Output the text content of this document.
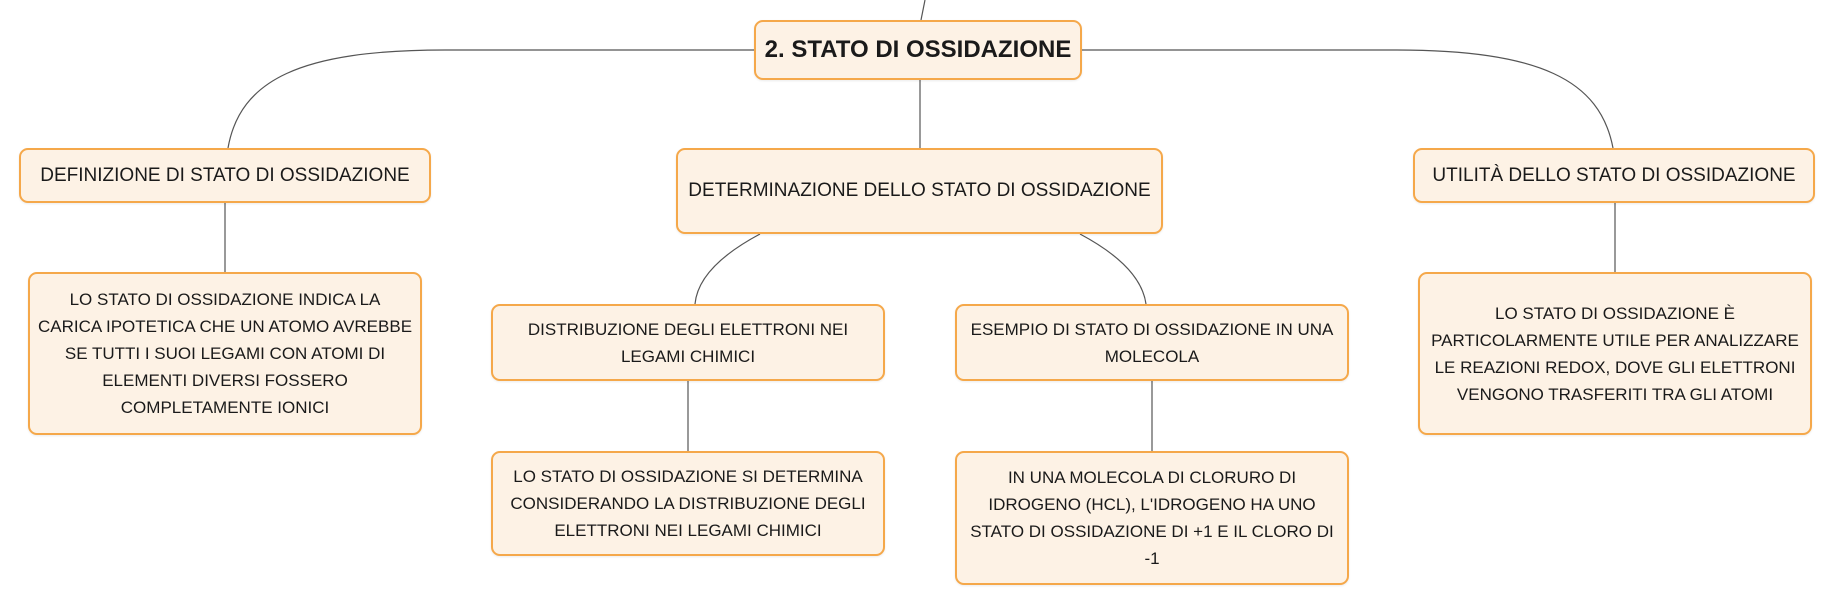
2. STATO DI OSSIDAZIONE
DEFINIZIONE DI STATO DI OSSIDAZIONE
DETERMINAZIONE DELLO STATO DI OSSIDAZIONE
UTILITÀ DELLO STATO DI OSSIDAZIONE
LO STATO DI OSSIDAZIONE INDICA LA CARICA IPOTETICA CHE UN ATOMO AVREBBE SE TUTTI I SUOI LEGAMI CON ATOMI DI ELEMENTI DIVERSI FOSSERO COMPLETAMENTE IONICI
DISTRIBUZIONE DEGLI ELETTRONI NEI LEGAMI CHIMICI
ESEMPIO DI STATO DI OSSIDAZIONE IN UNA MOLECOLA
LO STATO DI OSSIDAZIONE SI DETERMINA CONSIDERANDO LA DISTRIBUZIONE DEGLI ELETTRONI NEI LEGAMI CHIMICI
IN UNA MOLECOLA DI CLORURO DI IDROGENO (HCL), L'IDROGENO HA UNO STATO DI OSSIDAZIONE DI +1 E IL CLORO DI -1
LO STATO DI OSSIDAZIONE È PARTICOLARMENTE UTILE PER ANALIZZARE LE REAZIONI REDOX, DOVE GLI ELETTRONI VENGONO TRASFERITI TRA GLI ATOMI
